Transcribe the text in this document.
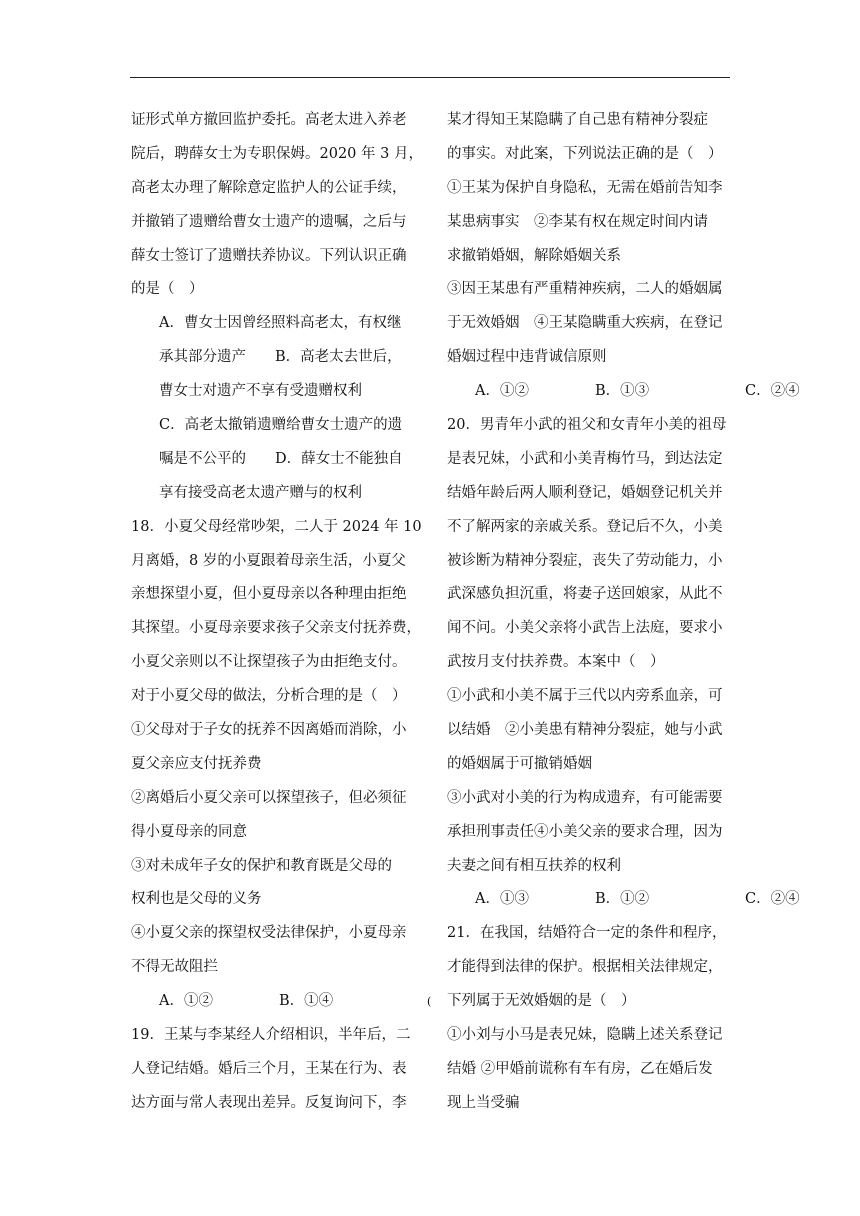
证形式单方撤回监护委托。高老太进入养老
院后，聘薛女士为专职保姆。2020 年 3 月，
高老太办理了解除意定监护人的公证手续，
并撤销了遗赠给曹女士遗产的遗嘱，之后与
薛女士签订了遗赠扶养协议。下列认识正确
的是（　）
A．曹女士因曾经照料高老太，有权继
承其部分遗产　　B．高老太去世后，
曹女士对遗产不享有受遗赠权利
C．高老太撤销遗赠给曹女士遗产的遗
嘱是不公平的　　D．薛女士不能独自
享有接受高老太遗产赠与的权利
18．小夏父母经常吵架，二人于 2024 年 10
月离婚，8 岁的小夏跟着母亲生活，小夏父
亲想探望小夏，但小夏母亲以各种理由拒绝
其探望。小夏母亲要求孩子父亲支付抚养费，
小夏父亲则以不让探望孩子为由拒绝支付。
对于小夏父母的做法，分析合理的是（　）
①父母对于子女的抚养不因离婚而消除，小
夏父亲应支付抚养费
②离婚后小夏父亲可以探望孩子，但必须征
得小夏母亲的同意
③对未成年子女的保护和教育既是父母的
权利也是父母的义务
④小夏父亲的探望权受法律保护，小夏母亲
不得无故阻拦
A．①②	B．①④	(
19．王某与李某经人介绍相识，半年后，二
人登记结婚。婚后三个月，王某在行为、表
达方面与常人表现出差异。反复询问下，李
某才得知王某隐瞒了自己患有精神分裂症
的事实。对此案，下列说法正确的是（　）
①王某为保护自身隐私，无需在婚前告知李
某患病事实　②李某有权在规定时间内请
求撤销婚姻，解除婚姻关系
③因王某患有严重精神疾病，二人的婚姻属
于无效婚姻　④王某隐瞒重大疾病，在登记
婚姻过程中违背诚信原则
A．①②	B．①③	C．②④
20．男青年小武的祖父和女青年小美的祖母
是表兄妹，小武和小美青梅竹马，到达法定
结婚年龄后两人顺利登记，婚姻登记机关并
不了解两家的亲戚关系。登记后不久，小美
被诊断为精神分裂症，丧失了劳动能力，小
武深感负担沉重，将妻子送回娘家，从此不
闻不问。小美父亲将小武告上法庭，要求小
武按月支付扶养费。本案中（　）
①小武和小美不属于三代以内旁系血亲，可
以结婚　②小美患有精神分裂症，她与小武
的婚姻属于可撤销婚姻
③小武对小美的行为构成遗弃，有可能需要
承担刑事责任④小美父亲的要求合理，因为
夫妻之间有相互扶养的权利
A．①③	B．①②	C．②④
21．在我国，结婚符合一定的条件和程序，
才能得到法律的保护。根据相关法律规定，
下列属于无效婚姻的是（　）
①小刘与小马是表兄妹，隐瞒上述关系登记
结婚 ②甲婚前谎称有车有房，乙在婚后发
现上当受骗
